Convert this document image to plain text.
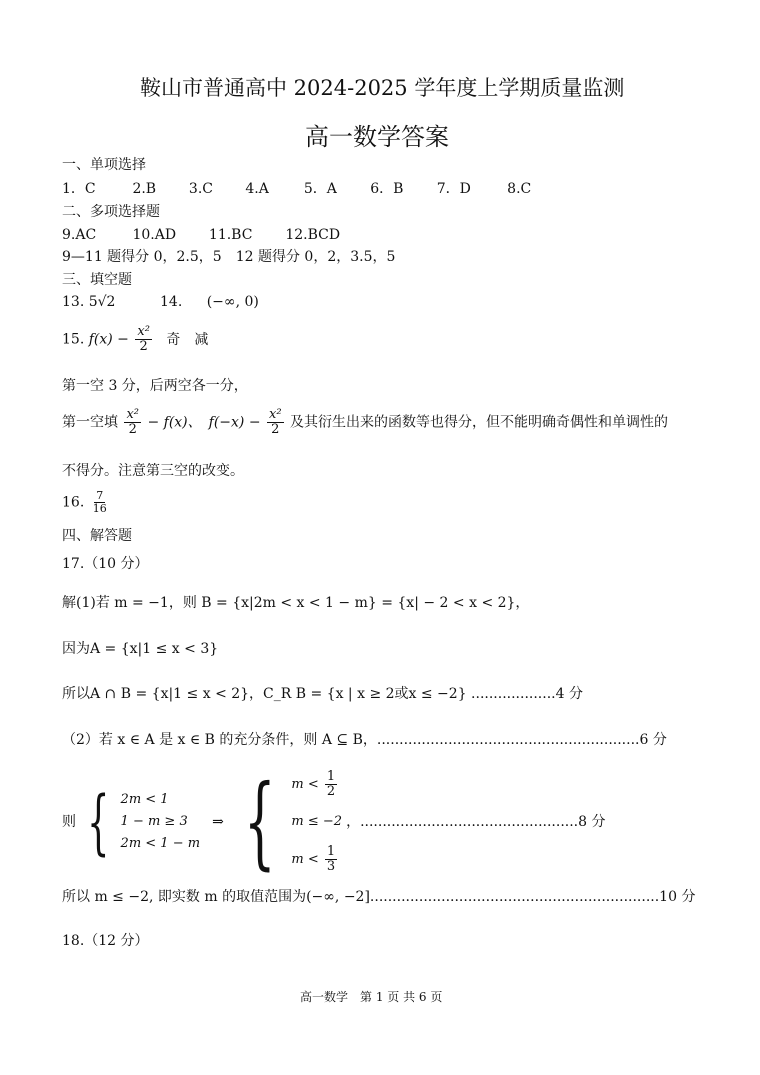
鞍山市普通高中 2024-2025 学年度上学期质量监测
高一数学答案
一、单项选择
1．C	2.B 3.C 4.A 5．A 6．B 7．D	8.C
二、多项选择题
9.AC	10.AD 11.BC 12.BCD
9—11 题得分 0，2.5，5　12 题得分 0，2，3.5，5
三、填空题
13. 5√2	14. (−∞, 0)
15. $f(x) - \frac{\text{x²}}{2}$ 奇　减
第一空 3 分，后两空各一分，
第一空填 $\frac{\text{x²}}{2} - f(x)$、　$f(-x) - \frac{\text{x²}}{2}$ 及其衍生出来的函数等也得分，但不能明确奇偶性和单调性的
不得分。注意第三空的改变。
16. $\frac{7}{16}$
四、解答题
17.（10 分）
解(1)若 m = −1，则 B = {x|2m < x < 1 − m} = {x| − 2 < x < 2}，
因为A = {x|1 ≤ x < 3}
所以A ∩ B = {x|1 ≤ x < 2}，C_R B = {x | x ≥ 2或x ≤ −2} ...................4 分
（2）若 x ∈ A 是 x ∈ B 的充分条件，则 A ⊆ B，...........................................................6 分
则 { 2m < 1
1 − m ≥ 3
2m < 1 − m
⇒ { $m < \frac{1}{2}$
m ≤ −2
$m < \frac{1}{3}$
，.................................................8 分
所以 m ≤ −2, 即实数 m 的取值范围为(−∞, −2].................................................................10 分
18.（12 分）
高一数学　第 1 页 共 6 页
